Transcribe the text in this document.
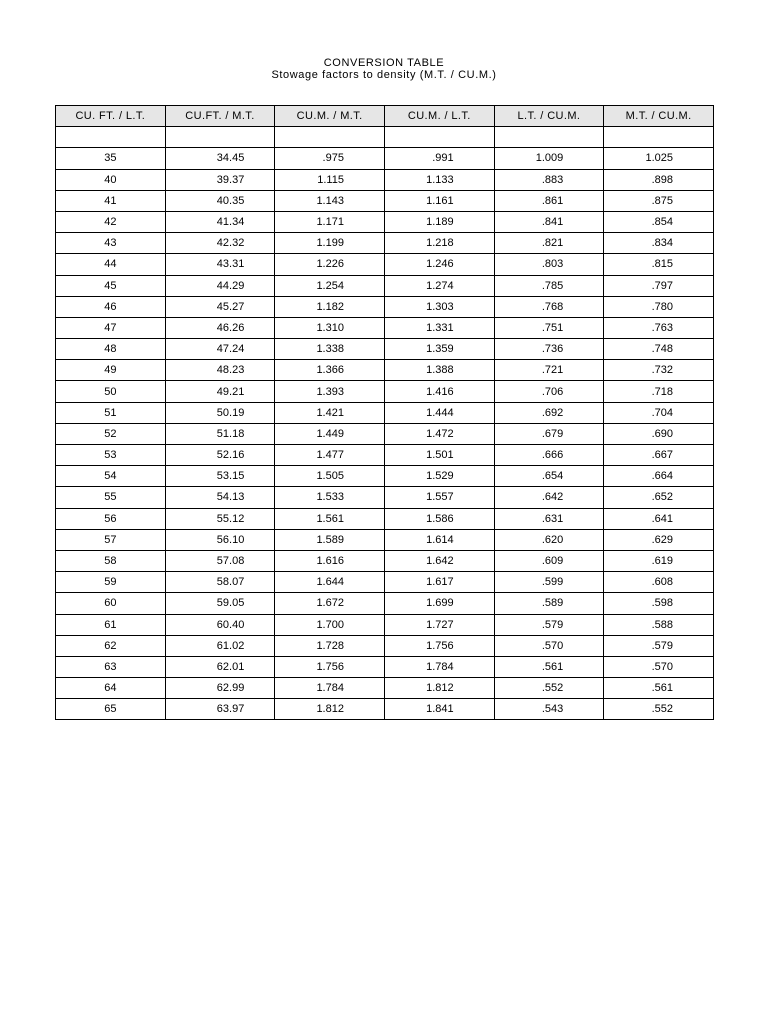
CONVERSION TABLE
Stowage factors to density (M.T. / CU.M.)
CU. FT. / L.T.	CU.FT. / M.T.	CU.M. / M.T.	CU.M. / L.T.	L.T. / CU.M.	M.T. / CU.M.

35	34.45	.975	.991	1.009	1.025
40	39.37	1.115	1.133	.883	.898
41	40.35	1.143	1.161	.861	.875
42	41.34	1.171	1.189	.841	.854
43	42.32	1.199	1.218	.821	.834
44	43.31	1.226	1.246	.803	.815
45	44.29	1.254	1.274	.785	.797
46	45.27	1.182	1.303	.768	.780
47	46.26	1.310	1.331	.751	.763
48	47.24	1.338	1.359	.736	.748
49	48.23	1.366	1.388	.721	.732
50	49.21	1.393	1.416	.706	.718
51	50.19	1.421	1.444	.692	.704
52	51.18	1.449	1.472	.679	.690
53	52.16	1.477	1.501	.666	.667
54	53.15	1.505	1.529	.654	.664
55	54.13	1.533	1.557	.642	.652
56	55.12	1.561	1.586	.631	.641
57	56.10	1.589	1.614	.620	.629
58	57.08	1.616	1.642	.609	.619
59	58.07	1.644	1.617	.599	.608
60	59.05	1.672	1.699	.589	.598
61	60.40	1.700	1.727	.579	.588
62	61.02	1.728	1.756	.570	.579
63	62.01	1.756	1.784	.561	.570
64	62.99	1.784	1.812	.552	.561
65	63.97	1.812	1.841	.543	.552
